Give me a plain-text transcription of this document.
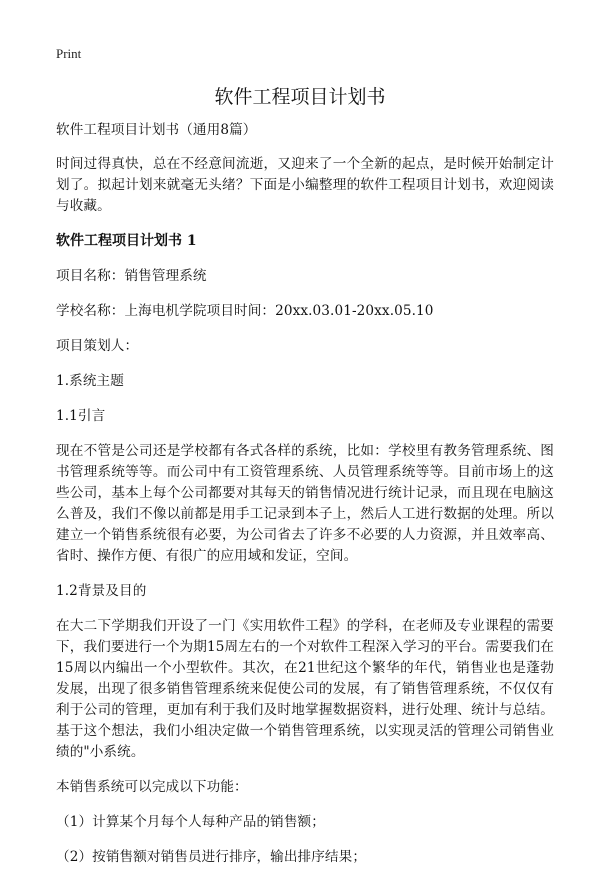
Print
软件工程项目计划书

软件工程项目计划书（通用8篇）

时间过得真快，总在不经意间流逝，又迎来了一个全新的起点，是时候开始制定计划了。拟起计划来就毫无头绪？下面是小编整理的软件工程项目计划书，欢迎阅读与收藏。

软件工程项目计划书 1

项目名称：销售管理系统

学校名称：上海电机学院项目时间：20xx.03.01-20xx.05.10

项目策划人：

1.系统主题

1.1引言

现在不管是公司还是学校都有各式各样的系统，比如：学校里有教务管理系统、图书管理系统等等。而公司中有工资管理系统、人员管理系统等等。目前市场上的这些公司，基本上每个公司都要对其每天的销售情况进行统计记录，而且现在电脑这么普及，我们不像以前都是用手工记录到本子上，然后人工进行数据的处理。所以建立一个销售系统很有必要，为公司省去了许多不必要的人力资源，并且效率高、省时、操作方便、有很广的应用域和发证，空间。

1.2背景及目的

在大二下学期我们开设了一门《实用软件工程》的学科，在老师及专业课程的需要下，我们要进行一个为期15周左右的一个对软件工程深入学习的平台。需要我们在15周以内编出一个小型软件。其次，在21世纪这个繁华的年代，销售业也是蓬勃发展，出现了很多销售管理系统来促使公司的发展，有了销售管理系统，不仅仅有利于公司的管理，更加有利于我们及时地掌握数据资料，进行处理、统计与总结。基于这个想法，我们小组决定做一个销售管理系统，以实现灵活的管理公司销售业绩的"小系统。

本销售系统可以完成以下功能：

（1）计算某个月每个人每种产品的销售额；

（2）按销售额对销售员进行排序，输出排序结果；
